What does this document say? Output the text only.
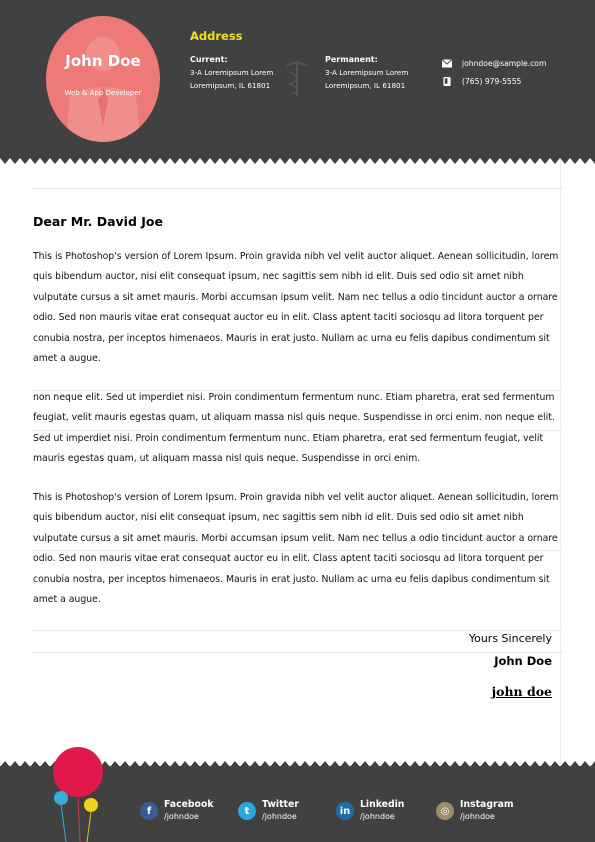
John Doe
Web & App Developer
Address
Current:
3-A Loremipsum Lorem
Loremipsum, IL 61801
Permanent:
3-A Loremipsum Lorem
Loremipsum, IL 61801
johndoe@sample.com
(765) 979-5555
Dear Mr. David Joe
This is Photoshop's version of Lorem Ipsum. Proin gravida nibh vel velit auctor aliquet. Aenean sollicitudin, lorem quis bibendum auctor, nisi elit consequat ipsum, nec sagittis sem nibh id elit. Duis sed odio sit amet nibh vulputate cursus a sit amet mauris. Morbi accumsan ipsum velit. Nam nec tellus a odio tincidunt auctor a ornare odio. Sed non mauris vitae erat consequat auctor eu in elit. Class aptent taciti sociosqu ad litora torquent per conubia nostra, per inceptos himenaeos. Mauris in erat justo. Nullam ac urna eu felis dapibus condimentum sit amet a augue.
non neque elit. Sed ut imperdiet nisi. Proin condimentum fermentum nunc. Etiam pharetra, erat sed fermentum feugiat, velit mauris egestas quam, ut aliquam massa nisl quis neque. Suspendisse in orci enim. non neque elit. Sed ut imperdiet nisi. Proin condimentum fermentum nunc. Etiam pharetra, erat sed fermentum feugiat, velit mauris egestas quam, ut aliquam massa nisl quis neque. Suspendisse in orci enim.
This is Photoshop's version of Lorem Ipsum. Proin gravida nibh vel velit auctor aliquet. Aenean sollicitudin, lorem quis bibendum auctor, nisi elit consequat ipsum, nec sagittis sem nibh id elit. Duis sed odio sit amet nibh vulputate cursus a sit amet mauris. Morbi accumsan ipsum velit. Nam nec tellus a odio tincidunt auctor a ornare odio. Sed non mauris vitae erat consequat auctor eu in elit. Class aptent taciti sociosqu ad litora torquent per conubia nostra, per inceptos himenaeos. Mauris in erat justo. Nullam ac urna eu felis dapibus condimentum sit amet a augue.
Yours Sincerely
John Doe
john doe
f
Facebook
/johndoe	t
Twitter
/johndoe	in
Linkedin
/johndoe	◎
Instagram
/johndoe
